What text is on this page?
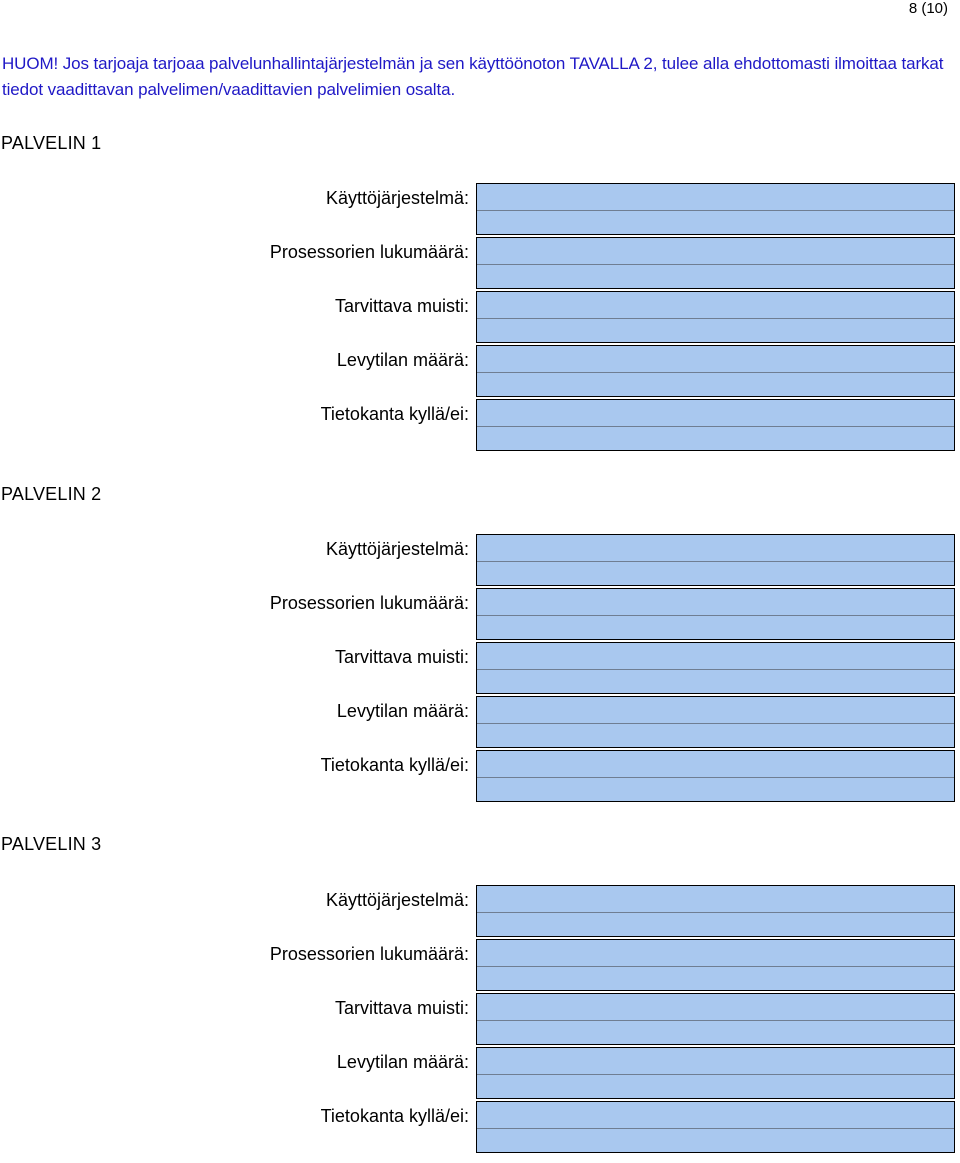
8 (10)
HUOM! Jos tarjoaja tarjoaa palvelunhallintajärjestelmän ja sen käyttöönoton TAVALLA 2, tulee alla ehdottomasti ilmoittaa tarkat tiedot vaadittavan palvelimen/vaadittavien palvelimien osalta.
PALVELIN 1
Käyttöjärjestelmä:
Prosessorien lukumäärä:
Tarvittava muisti:
Levytilan määrä:
Tietokanta kyllä/ei:
PALVELIN 2
Käyttöjärjestelmä:
Prosessorien lukumäärä:
Tarvittava muisti:
Levytilan määrä:
Tietokanta kyllä/ei:
PALVELIN 3
Käyttöjärjestelmä:
Prosessorien lukumäärä:
Tarvittava muisti:
Levytilan määrä:
Tietokanta kyllä/ei:
